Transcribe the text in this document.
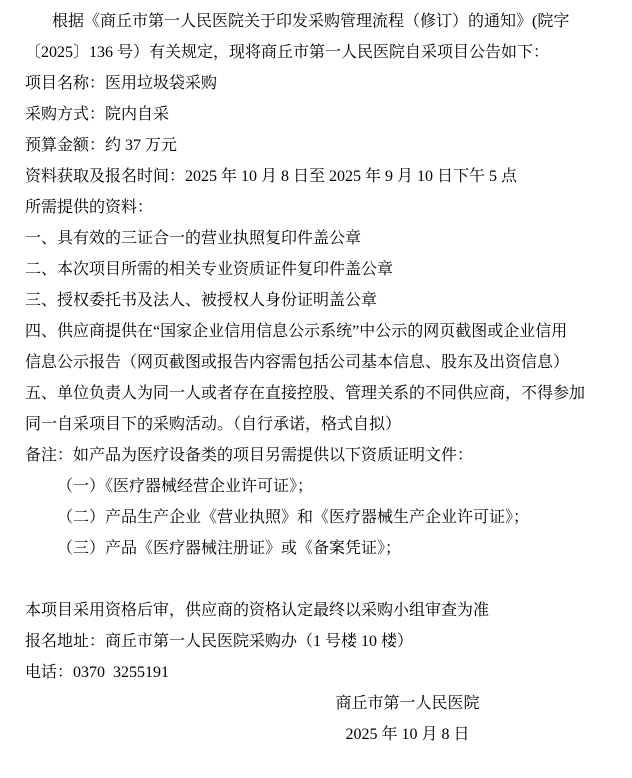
根据《商丘市第一人民医院关于印发采购管理流程（修订）的通知》(院字
〔2025〕136 号）有关规定，现将商丘市第一人民医院自采项目公告如下：
项目名称：医用垃圾袋采购
采购方式：院内自采
预算金额：约 37 万元
资料获取及报名时间：2025 年 10 月 8 日至 2025 年 9 月 10 日下午 5 点
所需提供的资料：
一、具有效的三证合一的营业执照复印件盖公章
二、本次项目所需的相关专业资质证件复印件盖公章
三、授权委托书及法人、被授权人身份证明盖公章
四、供应商提供在“国家企业信用信息公示系统”中公示的网页截图或企业信用
信息公示报告（网页截图或报告内容需包括公司基本信息、股东及出资信息）
五、单位负责人为同一人或者存在直接控股、管理关系的不同供应商，不得参加
同一自采项目下的采购活动。（自行承诺，格式自拟）
备注：如产品为医疗设备类的项目另需提供以下资质证明文件：
（一）《医疗器械经营企业许可证》；
（二）产品生产企业《营业执照》和《医疗器械生产企业许可证》；
（三）产品《医疗器械注册证》或《备案凭证》；
本项目采用资格后审，供应商的资格认定最终以采购小组审查为准
报名地址：商丘市第一人民医院采购办（1 号楼 10 楼）
电话：0370  3255191
商丘市第一人民医院
2025 年 10 月 8 日
